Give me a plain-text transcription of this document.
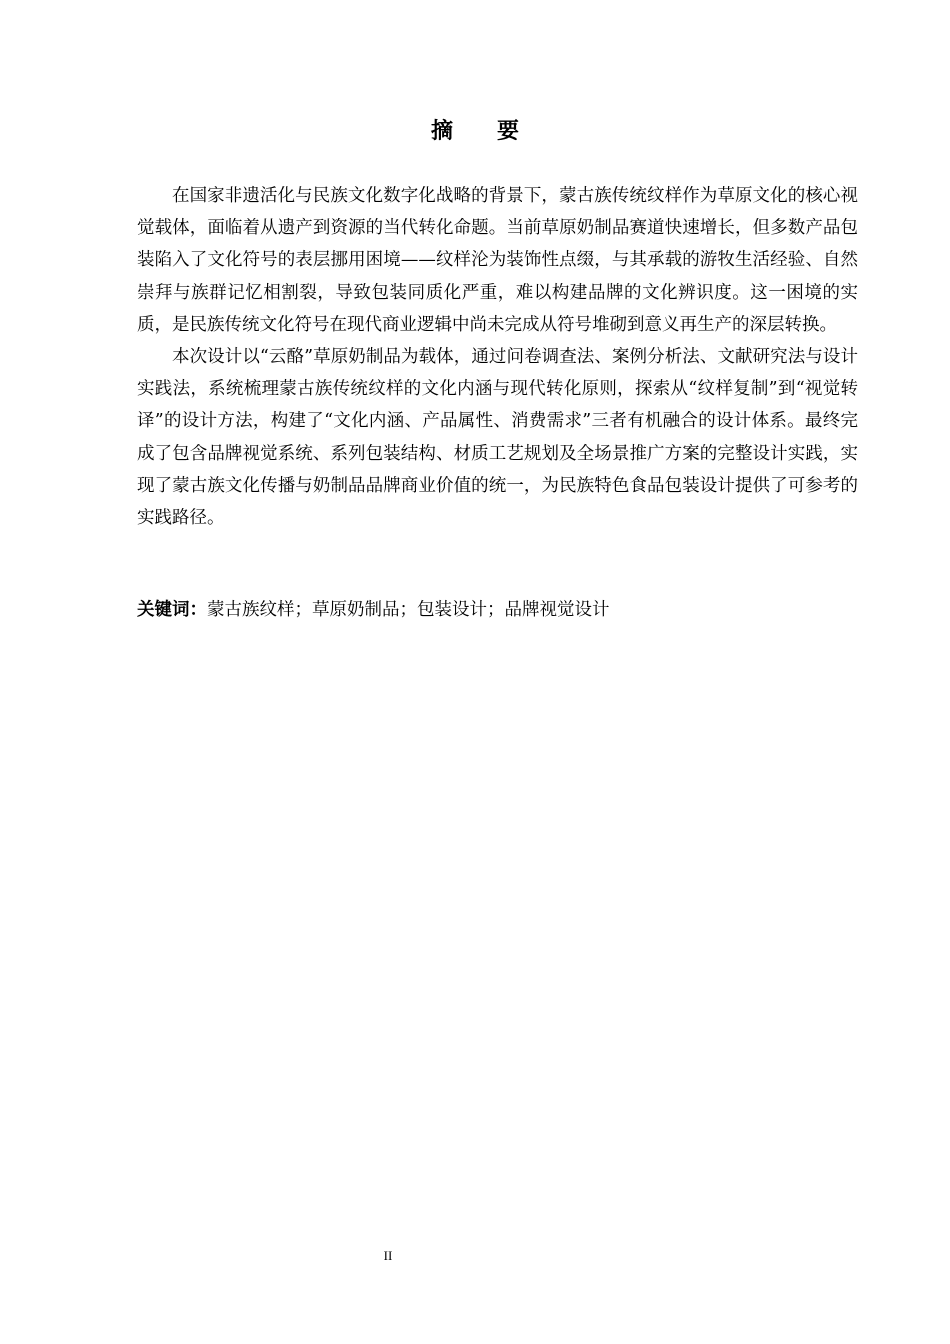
摘要

在国家非遗活化与民族文化数字化战略的背景下，蒙古族传统纹样作为草原文化的核心视觉载体，面临着从遗产到资源的当代转化命题。当前草原奶制品赛道快速增长，但多数产品包装陷入了文化符号的表层挪用困境——纹样沦为装饰性点缀，与其承载的游牧生活经验、自然崇拜与族群记忆相割裂，导致包装同质化严重，难以构建品牌的文化辨识度。这一困境的实质，是民族传统文化符号在现代商业逻辑中尚未完成从符号堆砌到意义再生产的深层转换。

本次设计以“云酪”草原奶制品为载体，通过问卷调查法、案例分析法、文献研究法与设计实践法，系统梳理蒙古族传统纹样的文化内涵与现代转化原则，探索从“纹样复制”到“视觉转译”的设计方法，构建了“文化内涵、产品属性、消费需求”三者有机融合的设计体系。最终完成了包含品牌视觉系统、系列包装结构、材质工艺规划及全场景推广方案的完整设计实践，实现了蒙古族文化传播与奶制品品牌商业价值的统一，为民族特色食品包装设计提供了可参考的实践路径。

关键词：蒙古族纹样；草原奶制品；包装设计；品牌视觉设计
II
